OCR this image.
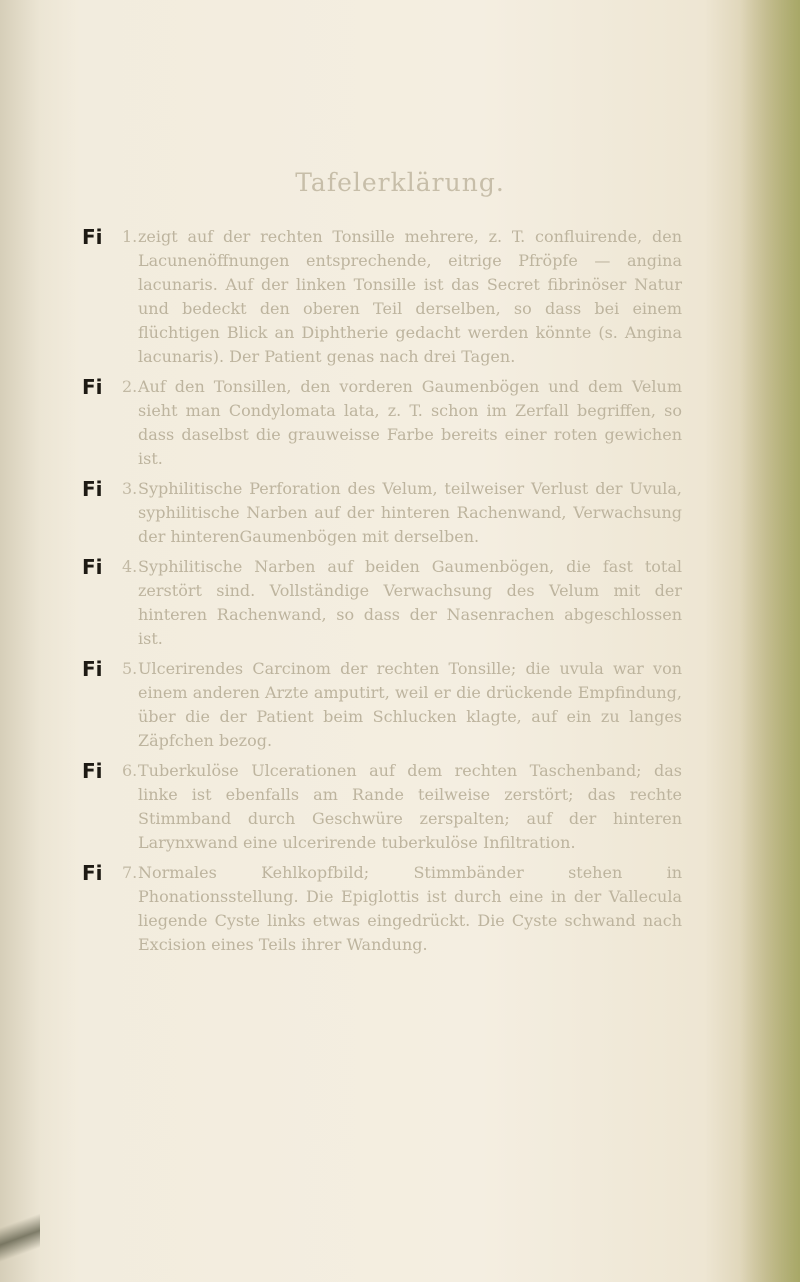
Tafelerklärung.
Fi 1. zeigt auf der rechten Tonsille mehrere, z. T. confluirende, den Lacunenöffnungen entsprechende, eitrige Pfröpfe — angina lacunaris. Auf der linken Tonsille ist das Secret fibrinöser Natur und bedeckt den oberen Teil derselben, so dass bei einem flüchtigen Blick an Diphtherie gedacht werden könnte (s. Angina lacunaris). Der Patient genas nach drei Tagen.
Fi 2. Auf den Tonsillen, den vorderen Gaumenbögen und dem Velum sieht man Condylomata lata, z. T. schon im Zerfall begriffen, so dass daselbst die grauweisse Farbe bereits einer roten gewichen ist.
Fi 3. Syphilitische Perforation des Velum, teilweiser Verlust der Uvula, syphilitische Narben auf der hinteren Rachenwand, Verwachsung der hinterenGaumenbögen mit derselben.
Fi 4. Syphilitische Narben auf beiden Gaumenbögen, die fast total zerstört sind. Vollständige Verwachsung des Velum mit der hinteren Rachenwand, so dass der Nasenrachen abgeschlossen ist.
Fi 5. Ulcerirendes Carcinom der rechten Tonsille; die uvula war von einem anderen Arzte amputirt, weil er die drückende Empfindung, über die der Patient beim Schlucken klagte, auf ein zu langes Zäpfchen bezog.
Fi 6. Tuberkulöse Ulcerationen auf dem rechten Taschenband; das linke ist ebenfalls am Rande teilweise zerstört; das rechte Stimmband durch Geschwüre zerspalten; auf der hinteren Larynxwand eine ulcerirende tuberkulöse Infiltration.
Fi 7. Normales Kehlkopfbild; Stimmbänder stehen in Phonationsstellung. Die Epiglottis ist durch eine in der Vallecula liegende Cyste links etwas eingedrückt. Die Cyste schwand nach Excision eines Teils ihrer Wandung.
